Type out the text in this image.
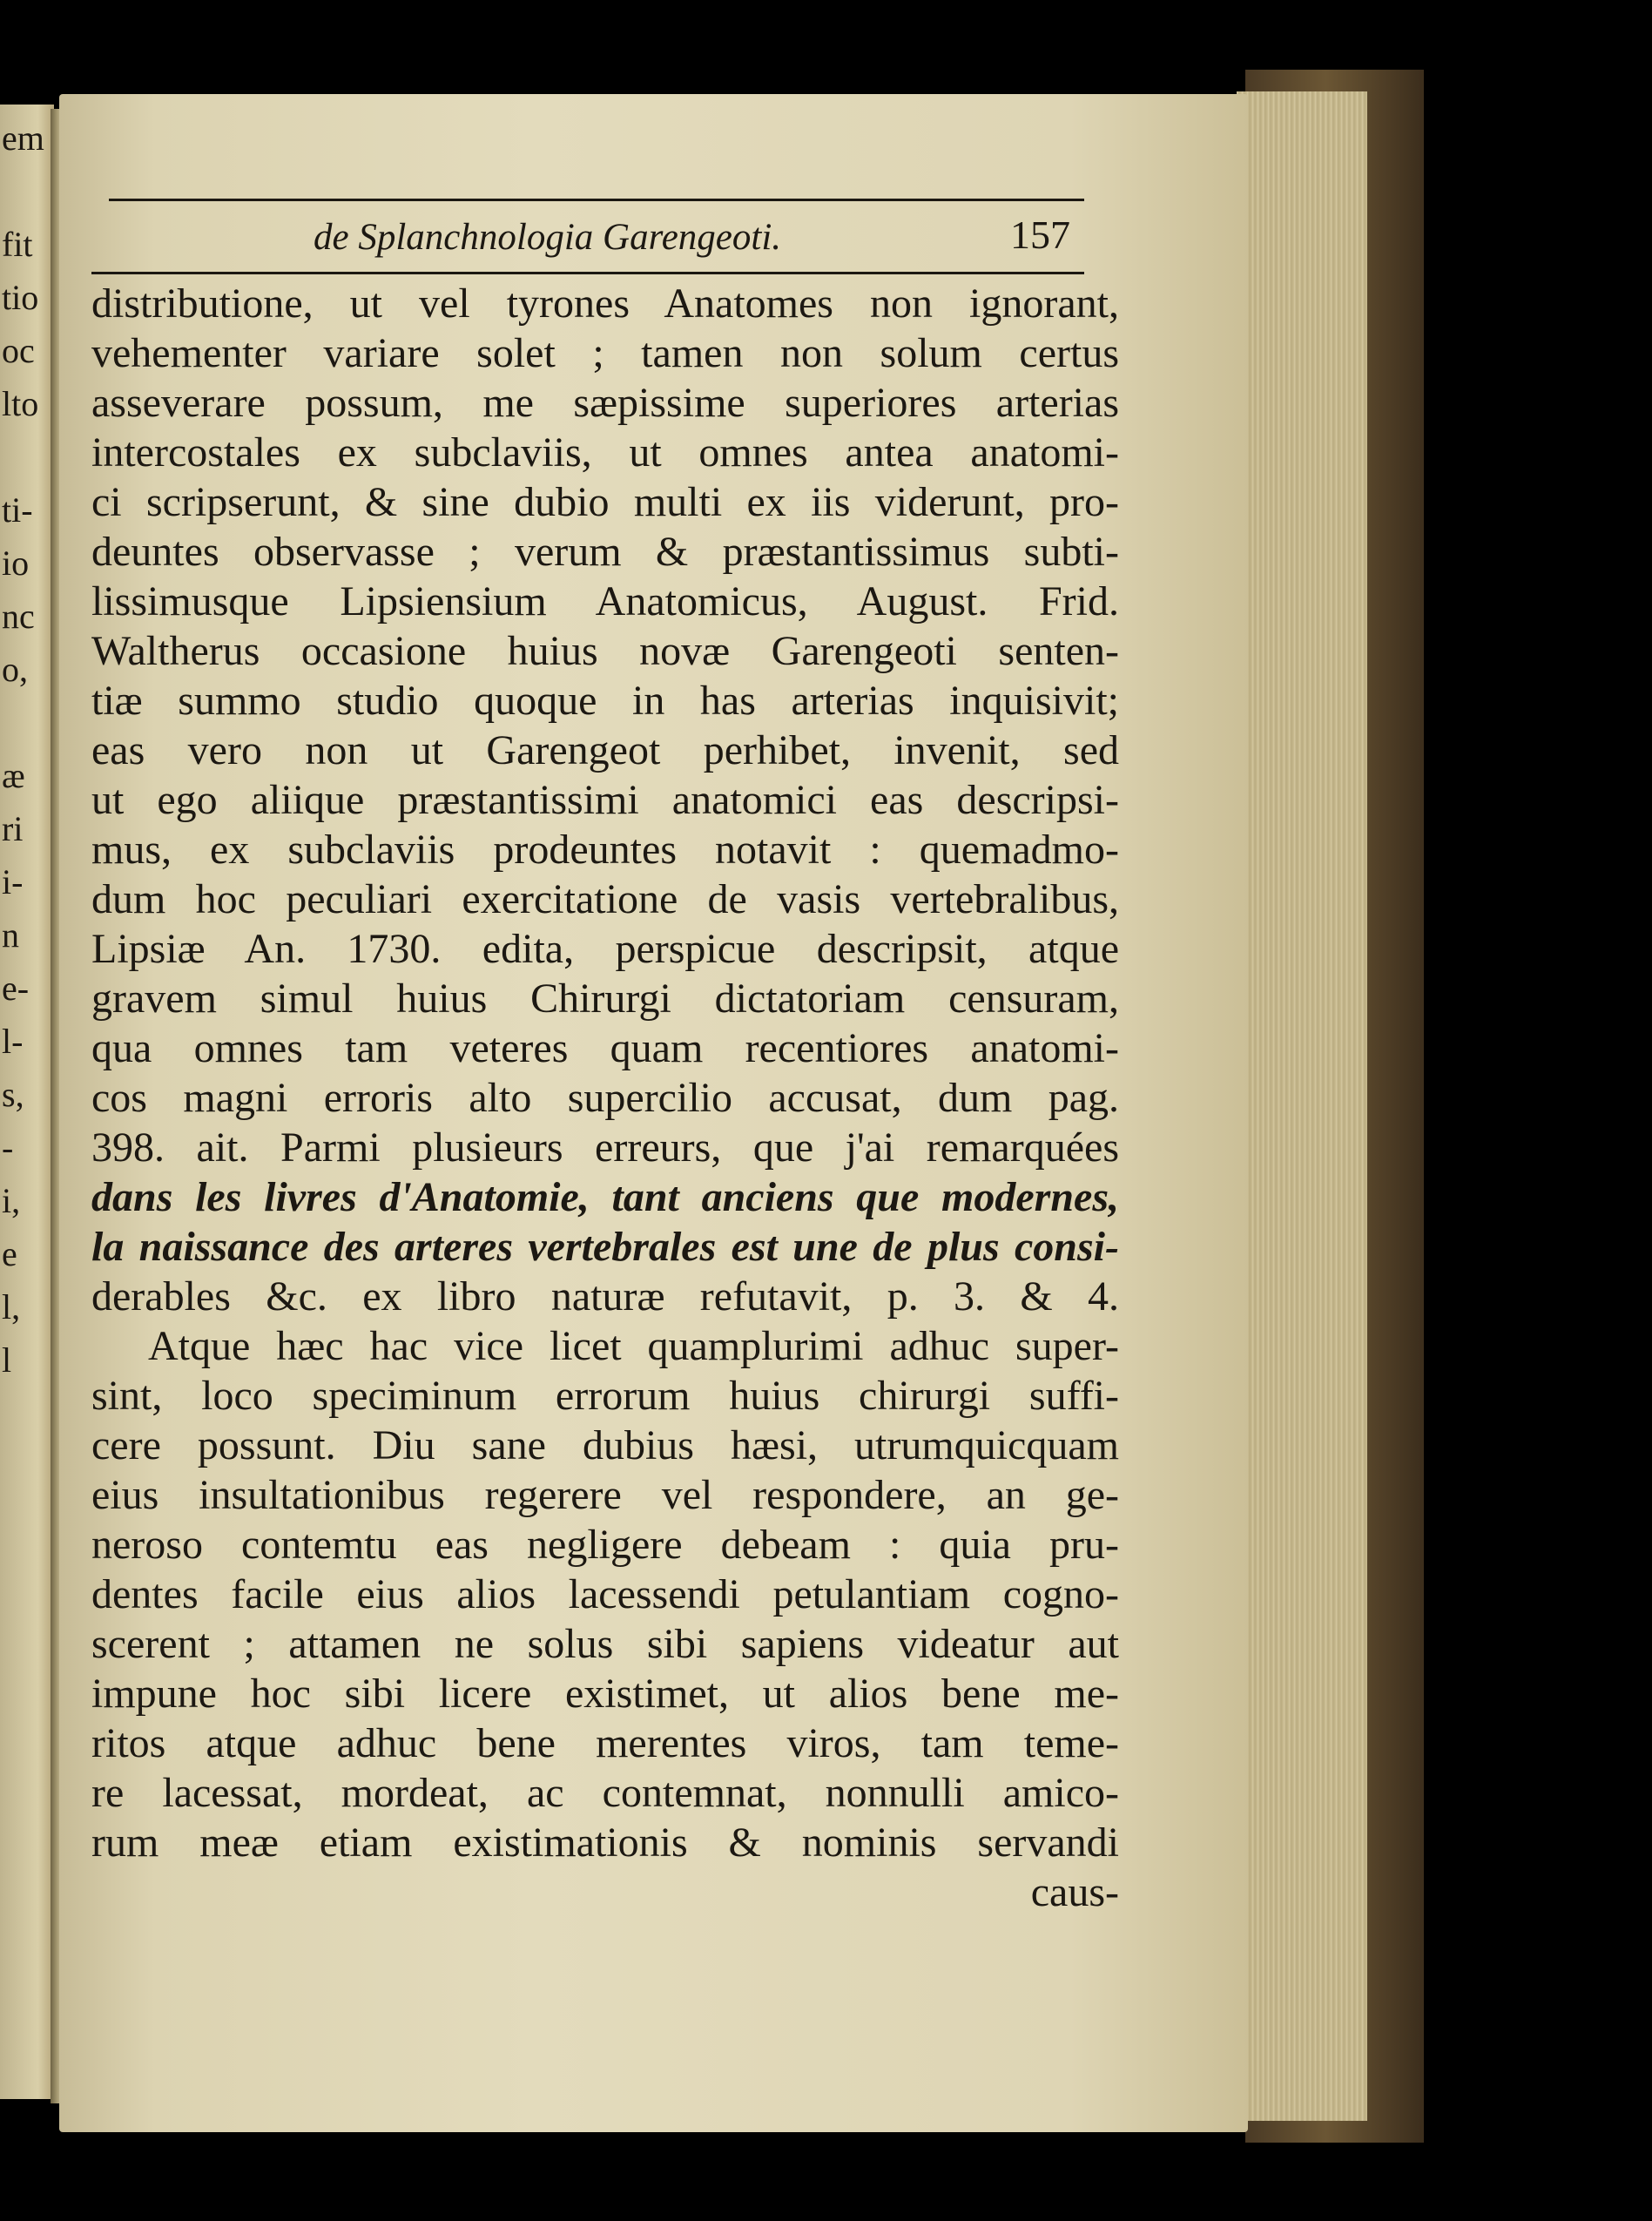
em
fit
tio
oc
lto
ti-
io
nc
o,
æ
ri
i-
n
e-
l-
s,
-
i,
e
l,
l
de Splanchnologia Garengeoti.	157
distributione, ut vel tyrones Anatomes non ignorant,
vehementer variare solet ; tamen non solum certus
asseverare possum, me sæpissime superiores arterias
intercostales ex subclaviis, ut omnes antea anatomi-
ci scripserunt, & sine dubio multi ex iis viderunt, pro-
deuntes observasse ; verum & præstantissimus subti-
lissimusque Lipsiensium Anatomicus, August. Frid.
Waltherus occasione huius novæ Garengeoti senten-
tiæ summo studio quoque in has arterias inquisivit;
eas vero non ut Garengeot perhibet, invenit, sed
ut ego aliique præstantissimi anatomici eas descripsi-
mus, ex subclaviis prodeuntes notavit : quemadmo-
dum hoc peculiari exercitatione de vasis vertebralibus,
Lipsiæ An. 1730. edita, perspicue descripsit, atque
gravem simul huius Chirurgi dictatoriam censuram,
qua omnes tam veteres quam recentiores anatomi-
cos magni erroris alto supercilio accusat, dum pag.
398. ait. Parmi plusieurs erreurs, que j'ai remarquées
dans les livres d'Anatomie, tant anciens que modernes,
la naissance des arteres vertebrales est une de plus consi-
derables &c. ex libro naturæ refutavit, p. 3. & 4.
Atque hæc hac vice licet quamplurimi adhuc super-
sint, loco speciminum errorum huius chirurgi suffi-
cere possunt. Diu sane dubius hæsi, utrumquicquam
eius insultationibus regerere vel respondere, an ge-
neroso contemtu eas negligere debeam : quia pru-
dentes facile eius alios lacessendi petulantiam cogno-
scerent ; attamen ne solus sibi sapiens videatur aut
impune hoc sibi licere existimet, ut alios bene me-
ritos atque adhuc bene merentes viros, tam teme-
re lacessat, mordeat, ac contemnat, nonnulli amico-
rum meæ etiam existimationis & nominis servandi
caus-
